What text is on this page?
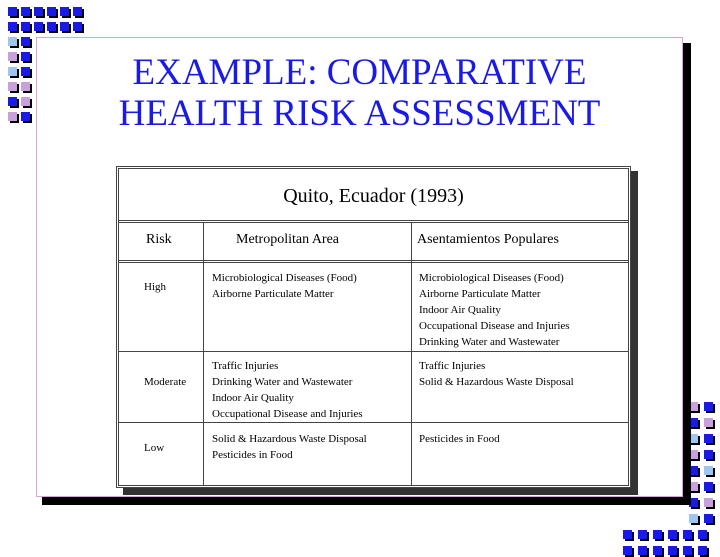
EXAMPLE: COMPARATIVE
HEALTH RISK ASSESSMENT
Quito, Ecuador (1993)
Risk	Metropolitan Area	Asentamientos Populares
High
Microbiological Diseases (Food)
Airborne Particulate Matter
Microbiological Diseases (Food)
Airborne Particulate Matter
Indoor Air Quality
Occupational Disease and Injuries
Drinking Water and Wastewater
Moderate
Traffic Injuries
Drinking Water and Wastewater
Indoor Air Quality
Occupational Disease and Injuries
Traffic Injuries
Solid & Hazardous Waste Disposal
Low
Solid & Hazardous Waste Disposal
Pesticides in Food
Pesticides in Food
